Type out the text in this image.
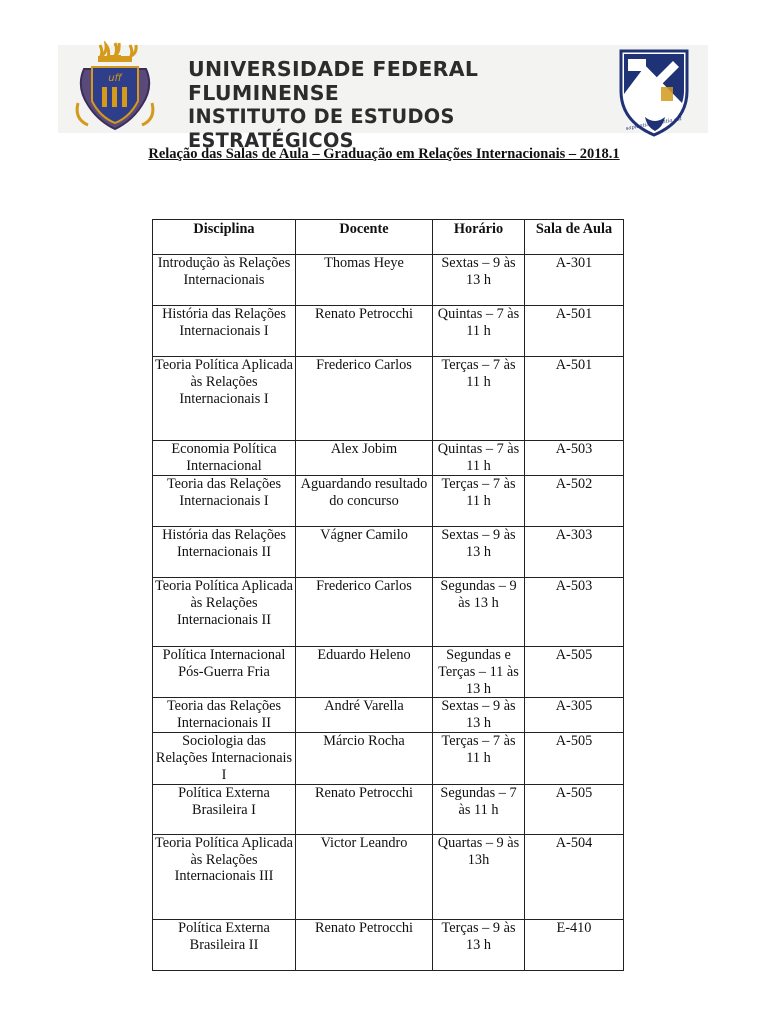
uff	UNIVERSIDADE FEDERAL FLUMINENSE
INSTITUTO DE ESTUDOS ESTRATÉGICOS
sapientia potentia est
Relação das Salas de Aula – Graduação em Relações Internacionais – 2018.1
Disciplina	Docente	Horário	Sala de Aula
Introdução às Relações Internacionais	Thomas Heye	Sextas – 9 às 13 h	A-301
História das Relações Internacionais I	Renato Petrocchi	Quintas – 7 às 11 h	A-501
Teoria Política Aplicada às Relações Internacionais I	Frederico Carlos	Terças – 7 às 11 h	A-501
Economia Política Internacional	Alex Jobim	Quintas – 7 às 11 h	A-503
Teoria das Relações Internacionais I	Aguardando resultado do concurso	Terças – 7 às 11 h	A-502
História das Relações Internacionais II	Vágner Camilo	Sextas – 9 às 13 h	A-303
Teoria Política Aplicada às Relações Internacionais II	Frederico Carlos	Segundas – 9 às 13 h	A-503
Política Internacional Pós-Guerra Fria	Eduardo Heleno	Segundas e Terças – 11 às 13 h	A-505
Teoria das Relações Internacionais II	André Varella	Sextas – 9 às 13 h	A-305
Sociologia das Relações Internacionais I	Márcio Rocha	Terças – 7 às 11 h	A-505
Política Externa Brasileira I	Renato Petrocchi	Segundas – 7 às 11 h	A-505
Teoria Política Aplicada às Relações Internacionais III	Victor Leandro	Quartas – 9 às 13h	A-504
Política Externa Brasileira II	Renato Petrocchi	Terças – 9 às 13 h	E-410
